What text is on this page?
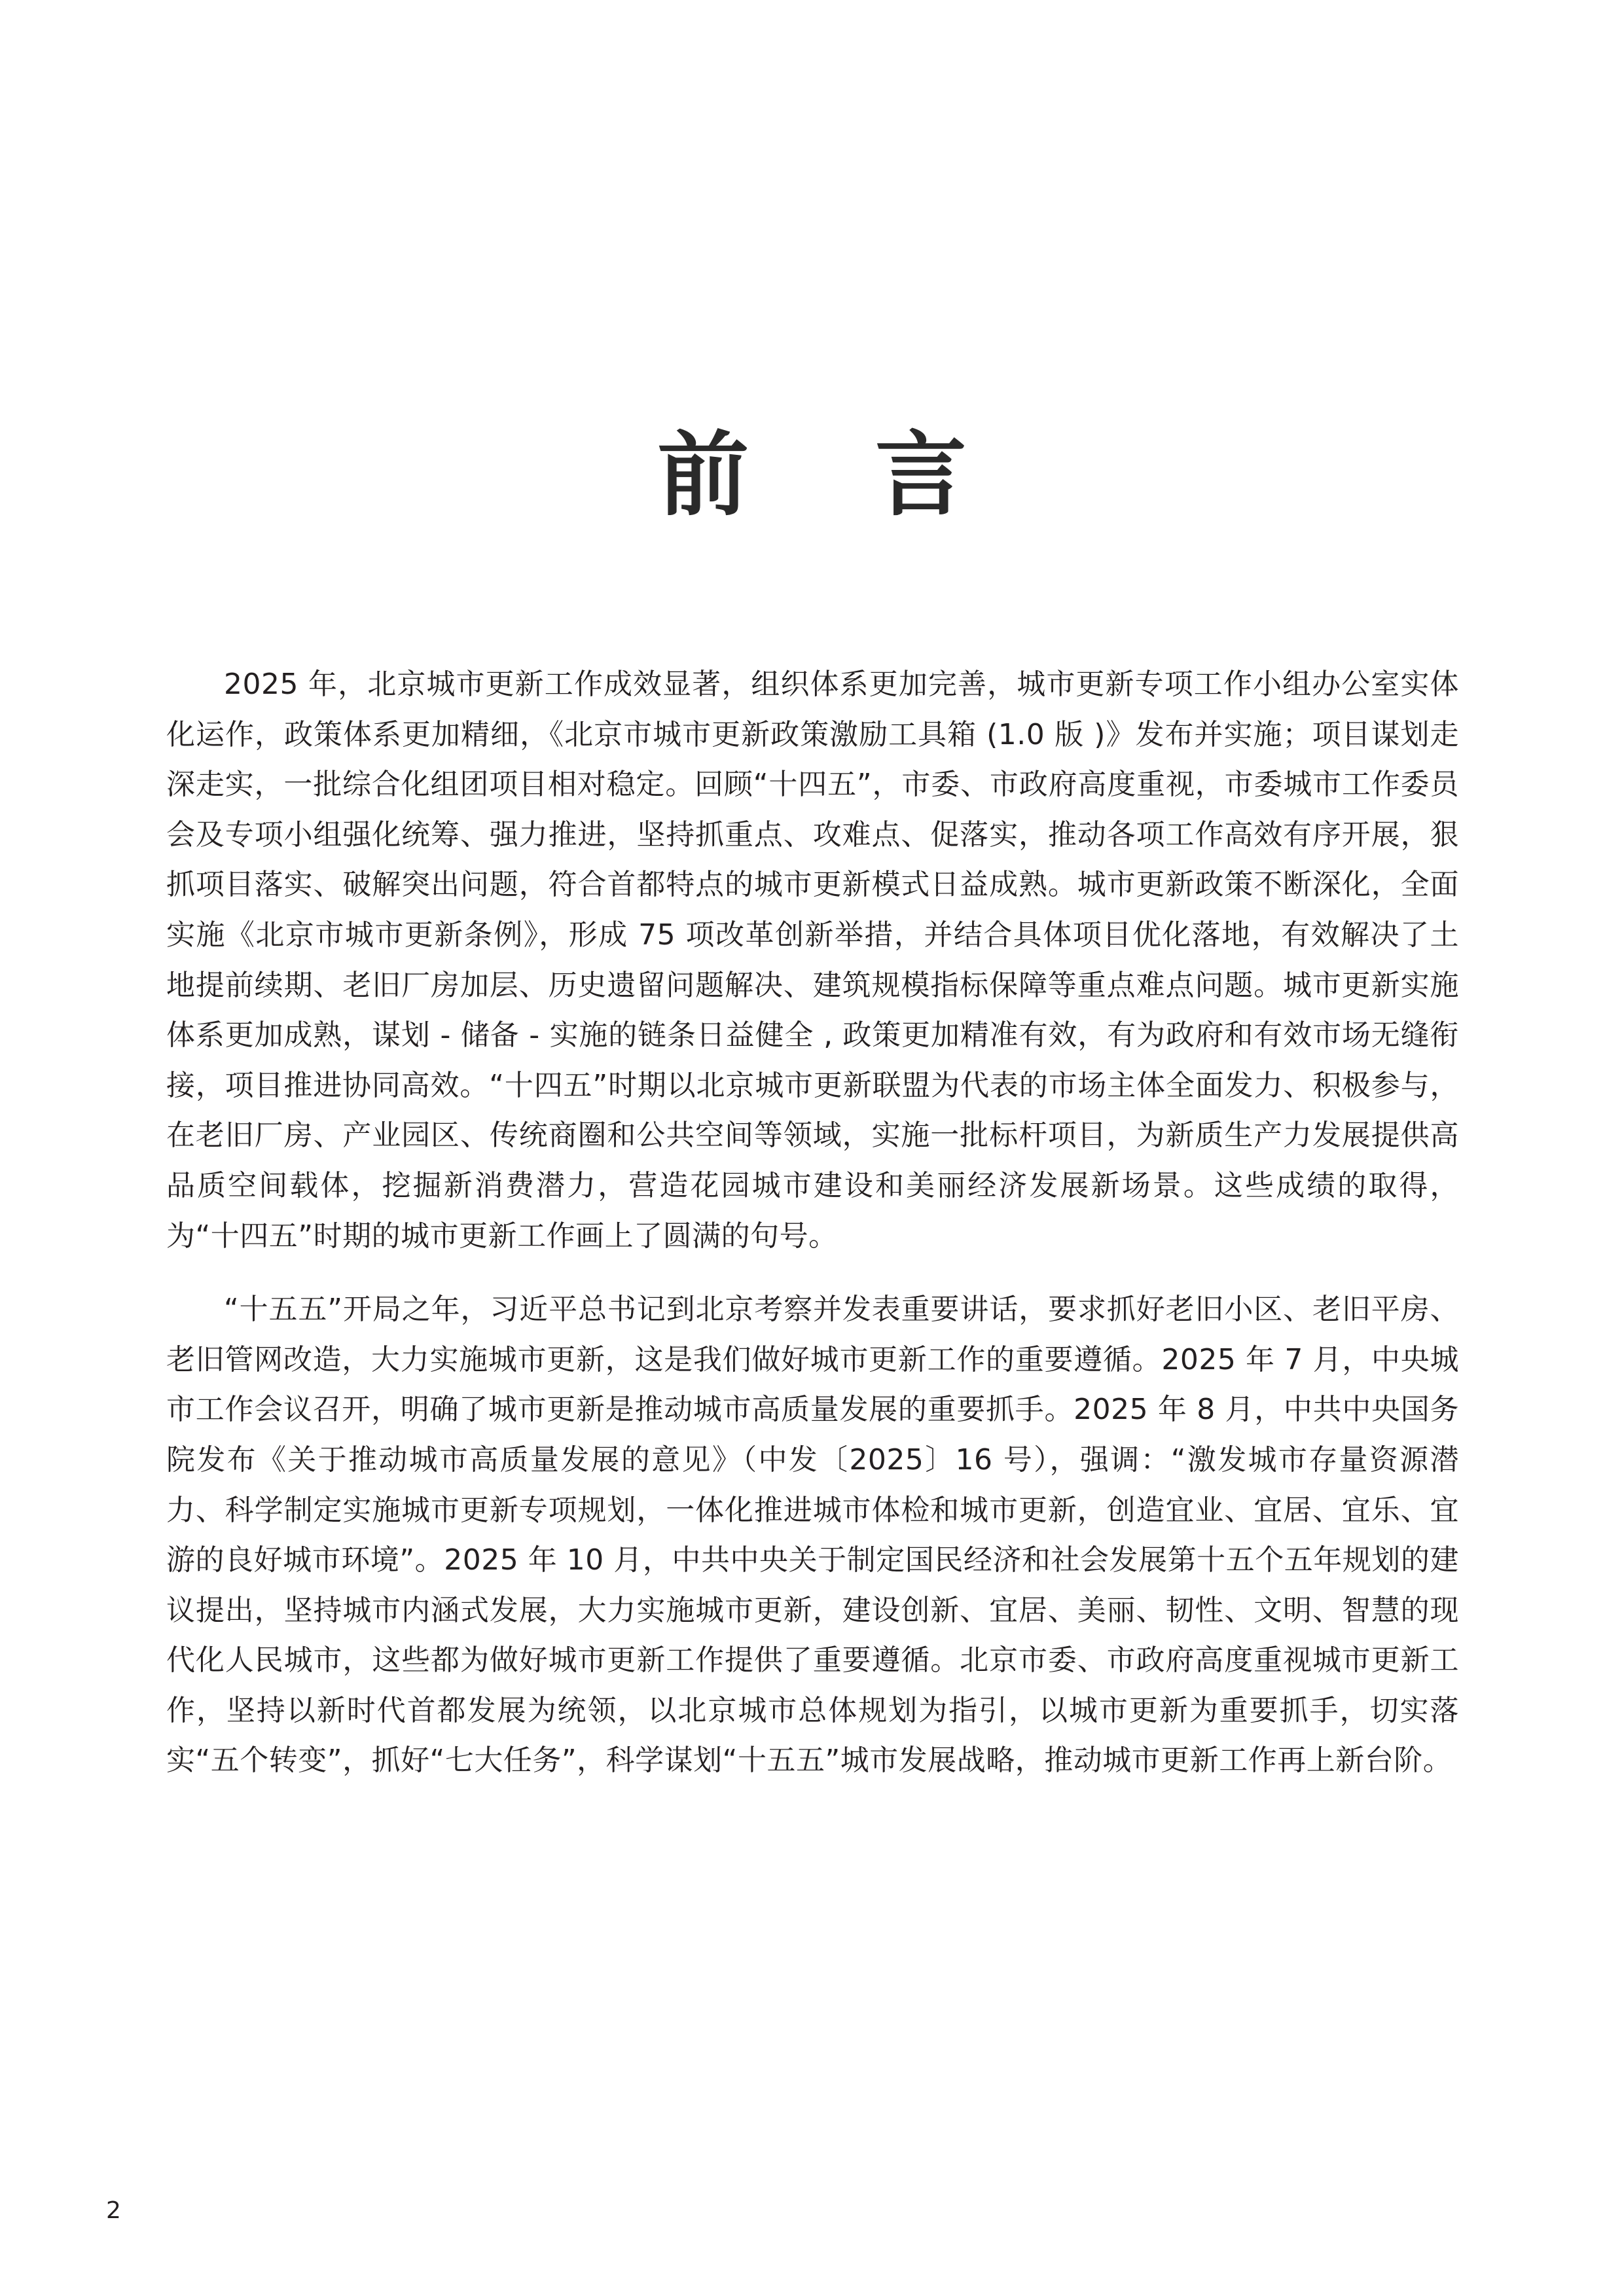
前 言

2025 年，北京城市更新工作成效显著，组织体系更加完善，城市更新专项工作小组办公室实体化运作，政策体系更加精细，《北京市城市更新政策激励工具箱 (1.0 版 )》发布并实施；项目谋划走深走实，一批综合化组团项目相对稳定。回顾“十四五”，市委、市政府高度重视，市委城市工作委员会及专项小组强化统筹、强力推进，坚持抓重点、攻难点、促落实，推动各项工作高效有序开展，狠抓项目落实、破解突出问题，符合首都特点的城市更新模式日益成熟。城市更新政策不断深化，全面实施《北京市城市更新条例》，形成 75 项改革创新举措，并结合具体项目优化落地，有效解决了土地提前续期、老旧厂房加层、历史遗留问题解决、建筑规模指标保障等重点难点问题。城市更新实施体系更加成熟，谋划 - 储备 - 实施的链条日益健全 , 政策更加精准有效，有为政府和有效市场无缝衔接，项目推进协同高效。“十四五”时期以北京城市更新联盟为代表的市场主体全面发力、积极参与，在老旧厂房、产业园区、传统商圈和公共空间等领域，实施一批标杆项目，为新质生产力发展提供高品质空间载体，挖掘新消费潜力，营造花园城市建设和美丽经济发展新场景。这些成绩的取得，为“十四五”时期的城市更新工作画上了圆满的句号。

“十五五”开局之年，习近平总书记到北京考察并发表重要讲话，要求抓好老旧小区、老旧平房、老旧管网改造，大力实施城市更新，这是我们做好城市更新工作的重要遵循。2025 年 7 月，中央城市工作会议召开，明确了城市更新是推动城市高质量发展的重要抓手。2025 年 8 月，中共中央国务院发布《关于推动城市高质量发展的意见》（中发〔2025〕16 号），强调：“激发城市存量资源潜力、科学制定实施城市更新专项规划，一体化推进城市体检和城市更新，创造宜业、宜居、宜乐、宜游的良好城市环境”。2025 年 10 月，中共中央关于制定国民经济和社会发展第十五个五年规划的建议提出，坚持城市内涵式发展，大力实施城市更新，建设创新、宜居、美丽、韧性、文明、智慧的现代化人民城市，这些都为做好城市更新工作提供了重要遵循。北京市委、市政府高度重视城市更新工作，坚持以新时代首都发展为统领，以北京城市总体规划为指引，以城市更新为重要抓手，切实落实“五个转变”，抓好“七大任务”，科学谋划“十五五”城市发展战略，推动城市更新工作再上新台阶。

2
